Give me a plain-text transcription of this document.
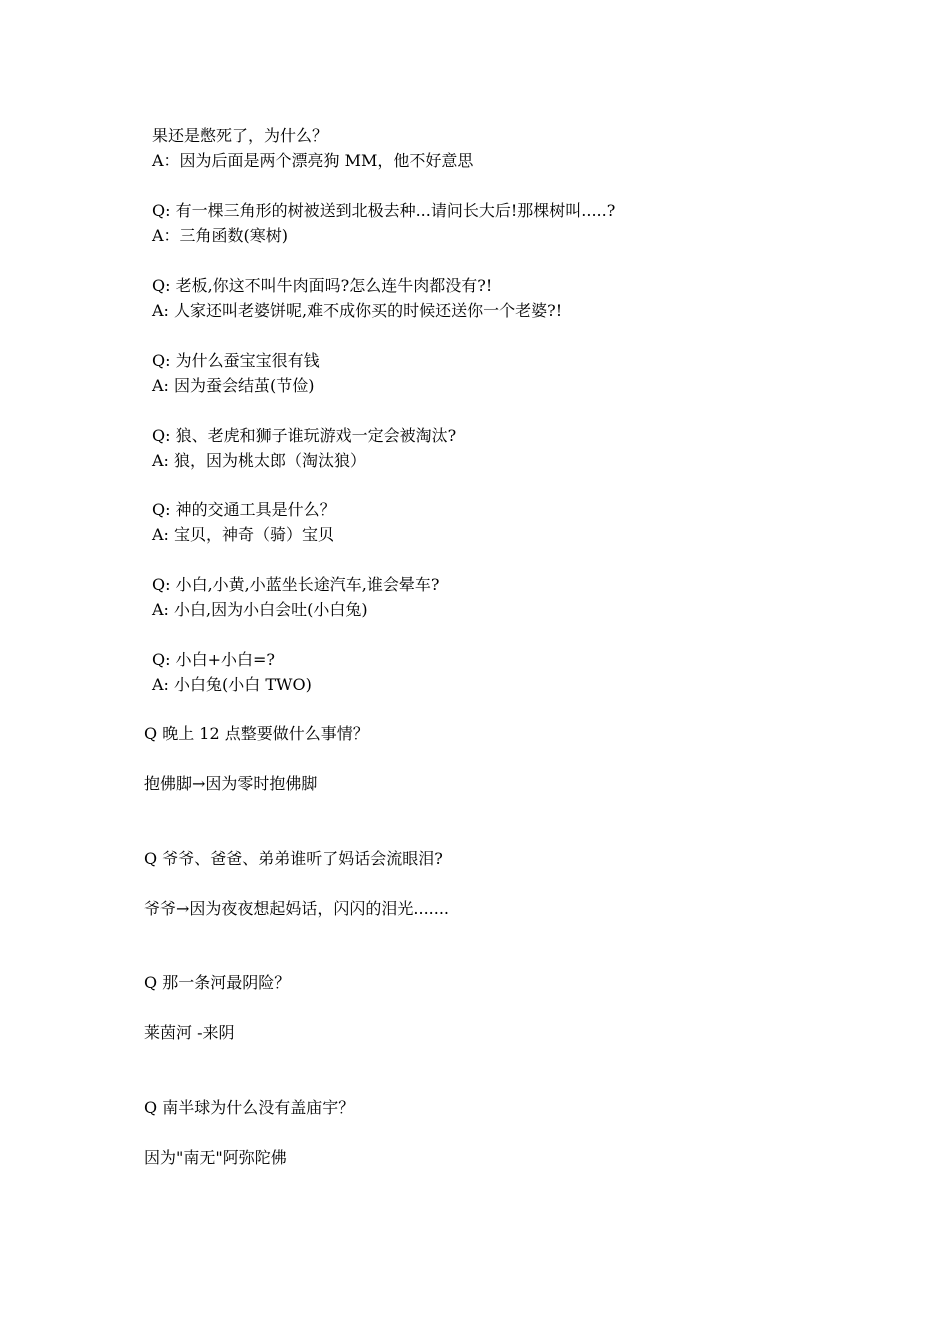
果还是憋死了，为什么？
A：因为后面是两个漂亮狗 MM，他不好意思
Q: 有一棵三角形的树被送到北极去种...请问长大后!那棵树叫.....?
A：三角函数(寒树)
Q: 老板,你这不叫牛肉面吗?怎么连牛肉都没有?!
A: 人家还叫老婆饼呢,难不成你买的时候还送你一个老婆?!
Q: 为什么蚕宝宝很有钱
A: 因为蚕会结茧(节俭)
Q: 狼、老虎和狮子谁玩游戏一定会被淘汰?
A: 狼，因为桃太郎（淘汰狼）
Q: 神的交通工具是什么？
A: 宝贝，神奇（骑）宝贝
Q: 小白,小黄,小蓝坐长途汽车,谁会晕车?
A: 小白,因为小白会吐(小白兔)
Q: 小白+小白=?
A: 小白兔(小白 TWO)
Q 晚上 12 点整要做什么事情？
抱佛脚→因为零时抱佛脚
Q 爷爷、爸爸、弟弟谁听了妈话会流眼泪?
爷爷→因为夜夜想起妈话，闪闪的泪光.......
Q 那一条河最阴险？
莱茵河 -来阴
Q 南半球为什么没有盖庙宇？
因为"南无"阿弥陀佛
